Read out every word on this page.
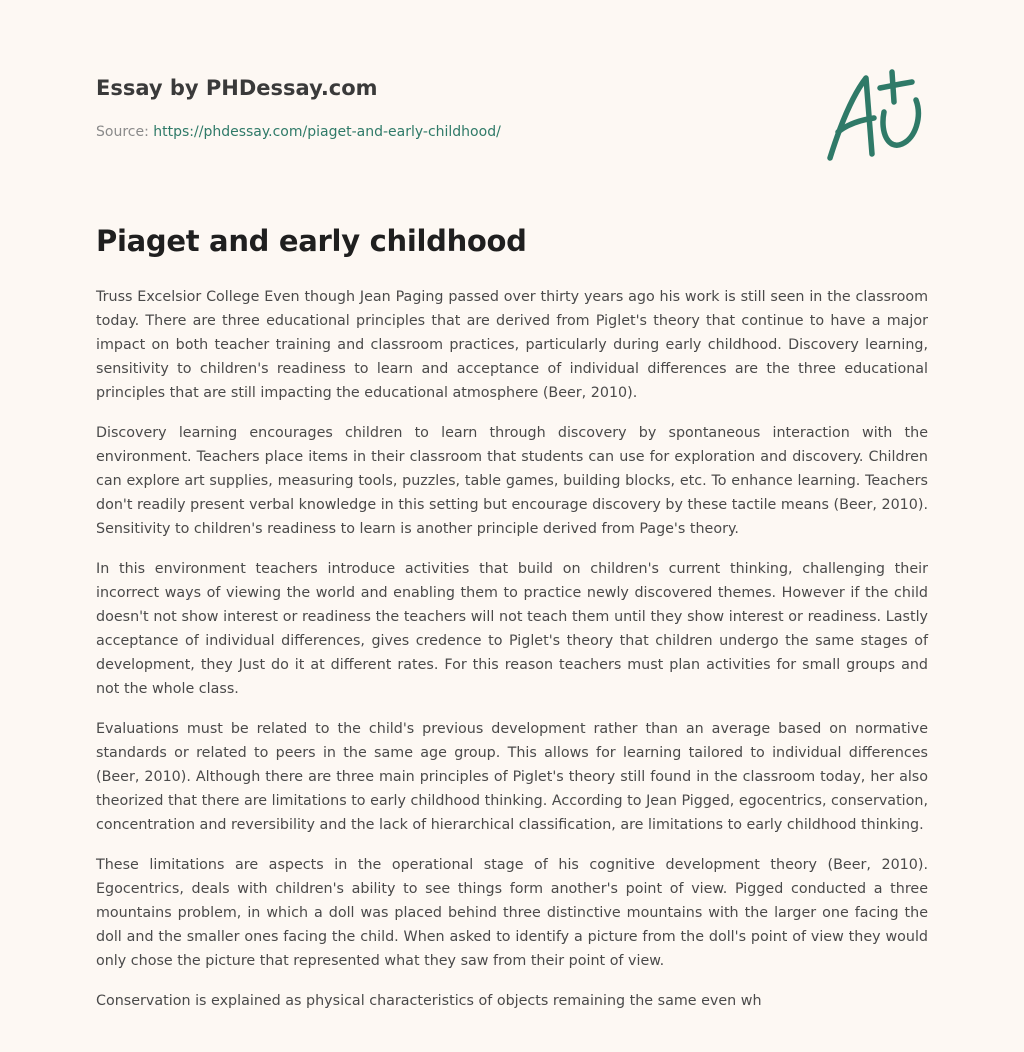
Essay by PHDessay.com

Source: https://phdessay.com/piaget-and-early-childhood/

Piaget and early childhood

Truss Excelsior College Even though Jean Paging passed over thirty years ago his work is still seen in the classroom today. There are three educational principles that are derived from Piglet's theory that continue to have a major impact on both teacher training and classroom practices, particularly during early childhood. Discovery learning, sensitivity to children's readiness to learn and acceptance of individual differences are the three educational principles that are still impacting the educational atmosphere (Beer, 2010).

Discovery learning encourages children to learn through discovery by spontaneous interaction with the environment. Teachers place items in their classroom that students can use for exploration and discovery. Children can explore art supplies, measuring tools, puzzles, table games, building blocks, etc. To enhance learning. Teachers don't readily present verbal knowledge in this setting but encourage discovery by these tactile means (Beer, 2010). Sensitivity to children's readiness to learn is another principle derived from Page's theory.

In this environment teachers introduce activities that build on children's current thinking, challenging their incorrect ways of viewing the world and enabling them to practice newly discovered themes. However if the child doesn't not show interest or readiness the teachers will not teach them until they show interest or readiness. Lastly acceptance of individual differences, gives credence to Piglet's theory that children undergo the same stages of development, they Just do it at different rates. For this reason teachers must plan activities for small groups and not the whole class.

Evaluations must be related to the child's previous development rather than an average based on normative standards or related to peers in the same age group. This allows for learning tailored to individual differences (Beer, 2010). Although there are three main principles of Piglet's theory still found in the classroom today, her also theorized that there are limitations to early childhood thinking. According to Jean Pigged, egocentrics, conservation, concentration and reversibility and the lack of hierarchical classification, are limitations to early childhood thinking.

These limitations are aspects in the operational stage of his cognitive development theory (Beer, 2010). Egocentrics, deals with children's ability to see things form another's point of view. Pigged conducted a three mountains problem, in which a doll was placed behind three distinctive mountains with the larger one facing the doll and the smaller ones facing the child. When asked to identify a picture from the doll's point of view they would only chose the picture that represented what they saw from their point of view.

Conservation is explained as physical characteristics of objects remaining the same even wh
